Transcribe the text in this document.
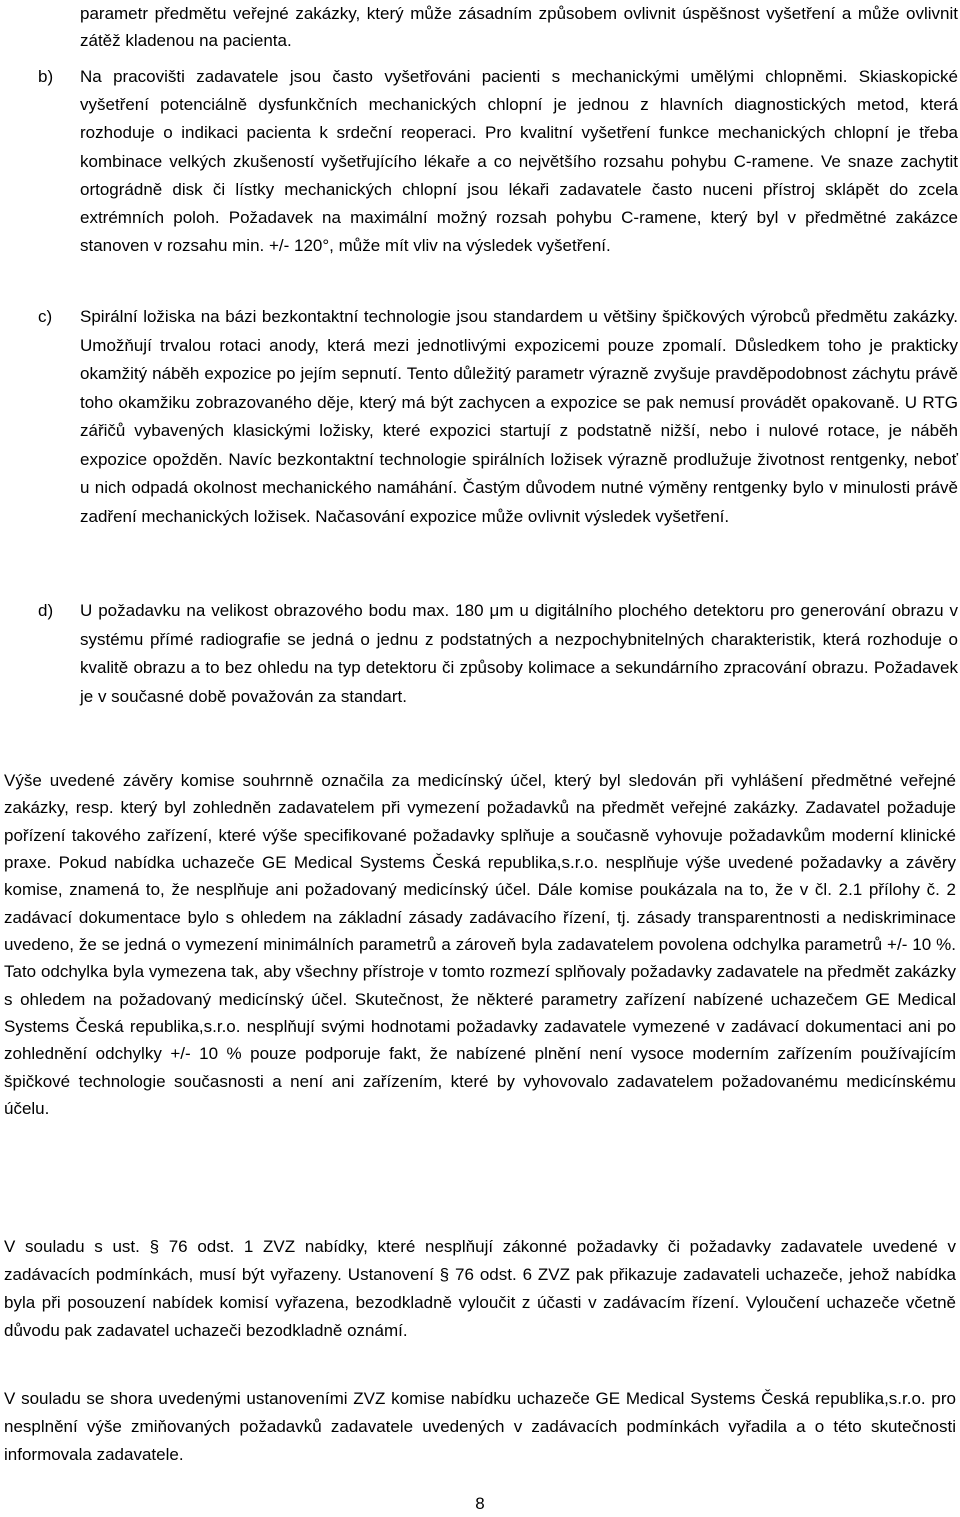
parametr předmětu veřejné zakázky, který může zásadním způsobem ovlivnit úspěšnost vyšetření a může ovlivnit zátěž kladenou na pacienta.
b)	Na pracovišti zadavatele jsou často vyšetřováni pacienti s mechanickými umělými chlopněmi. Skiaskopické vyšetření potenciálně dysfunkčních mechanických chlopní je jednou z hlavních diagnostických metod, která rozhoduje o indikaci pacienta k srdeční reoperaci. Pro kvalitní vyšetření funkce mechanických chlopní je třeba kombinace velkých zkušeností vyšetřujícího lékaře a co největšího rozsahu pohybu C-ramene. Ve snaze zachytit ortográdně disk či lístky mechanických chlopní jsou lékaři zadavatele často nuceni přístroj sklápět do zcela extrémních poloh. Požadavek na maximální možný rozsah pohybu C-ramene, který byl v předmětné zakázce stanoven v rozsahu min. +/- 120°, může mít vliv na výsledek vyšetření.
c)	Spirální ložiska na bázi bezkontaktní technologie jsou standardem u většiny špičkových výrobců předmětu zakázky. Umožňují trvalou rotaci anody, která mezi jednotlivými expozicemi pouze zpomalí. Důsledkem toho je prakticky okamžitý náběh expozice po jejím sepnutí. Tento důležitý parametr výrazně zvyšuje pravděpodobnost záchytu právě toho okamžiku zobrazovaného děje, který má být zachycen a expozice se pak nemusí provádět opakovaně. U RTG zářičů vybavených klasickými ložisky, které expozici startují z podstatně nižší, nebo i nulové rotace, je náběh expozice opožděn. Navíc bezkontaktní technologie spirálních ložisek výrazně prodlužuje životnost rentgenky, neboť u nich odpadá okolnost mechanického namáhání. Častým důvodem nutné výměny rentgenky bylo v minulosti právě zadření mechanických ložisek. Načasování expozice může ovlivnit výsledek vyšetření.
d)	U požadavku na velikost obrazového bodu max. 180 μm u digitálního plochého detektoru pro generování obrazu v systému přímé radiografie se jedná o jednu z podstatných a nezpochybnitelných charakteristik, která rozhoduje o kvalitě obrazu a to bez ohledu na typ detektoru či způsoby kolimace a sekundárního zpracování obrazu. Požadavek je v současné době považován za standart.

Výše uvedené závěry komise souhrnně označila za medicínský účel, který byl sledován při vyhlášení předmětné veřejné zakázky, resp. který byl zohledněn zadavatelem při vymezení požadavků na předmět veřejné zakázky. Zadavatel požaduje pořízení takového zařízení, které výše specifikované požadavky splňuje a současně vyhovuje požadavkům moderní klinické praxe. Pokud nabídka uchazeče GE Medical Systems Česká republika,s.r.o. nesplňuje výše uvedené požadavky a závěry komise, znamená to, že nesplňuje ani požadovaný medicínský účel. Dále komise poukázala na to, že v čl. 2.1 přílohy č. 2 zadávací dokumentace bylo s ohledem na základní zásady zadávacího řízení, tj. zásady transparentnosti a nediskriminace uvedeno, že se jedná o vymezení minimálních parametrů a zároveň byla zadavatelem povolena odchylka parametrů +/- 10 %. Tato odchylka byla vymezena tak, aby všechny přístroje v tomto rozmezí splňovaly požadavky zadavatele na předmět zakázky s ohledem na požadovaný medicínský účel. Skutečnost, že některé parametry zařízení nabízené uchazečem GE Medical Systems Česká republika,s.r.o. nesplňují svými hodnotami požadavky zadavatele vymezené v zadávací dokumentaci ani po zohlednění odchylky +/- 10 % pouze podporuje fakt, že nabízené plnění není vysoce moderním zařízením používajícím špičkové technologie současnosti a není ani zařízením, které by vyhovovalo zadavatelem požadovanému medicínskému účelu.

V souladu s ust. § 76 odst. 1 ZVZ nabídky, které nesplňují zákonné požadavky či požadavky zadavatele uvedené v zadávacích podmínkách, musí být vyřazeny. Ustanovení § 76 odst. 6 ZVZ pak přikazuje zadavateli uchazeče, jehož nabídka byla při posouzení nabídek komisí vyřazena, bezodkladně vyloučit z účasti v zadávacím řízení. Vyloučení uchazeče včetně důvodu pak zadavatel uchazeči bezodkladně oznámí.

V souladu se shora uvedenými ustanoveními ZVZ komise nabídku uchazeče GE Medical Systems Česká republika,s.r.o. pro nesplnění výše zmiňovaných požadavků zadavatele uvedených v zadávacích podmínkách vyřadila a o této skutečnosti informovala zadavatele.

8
